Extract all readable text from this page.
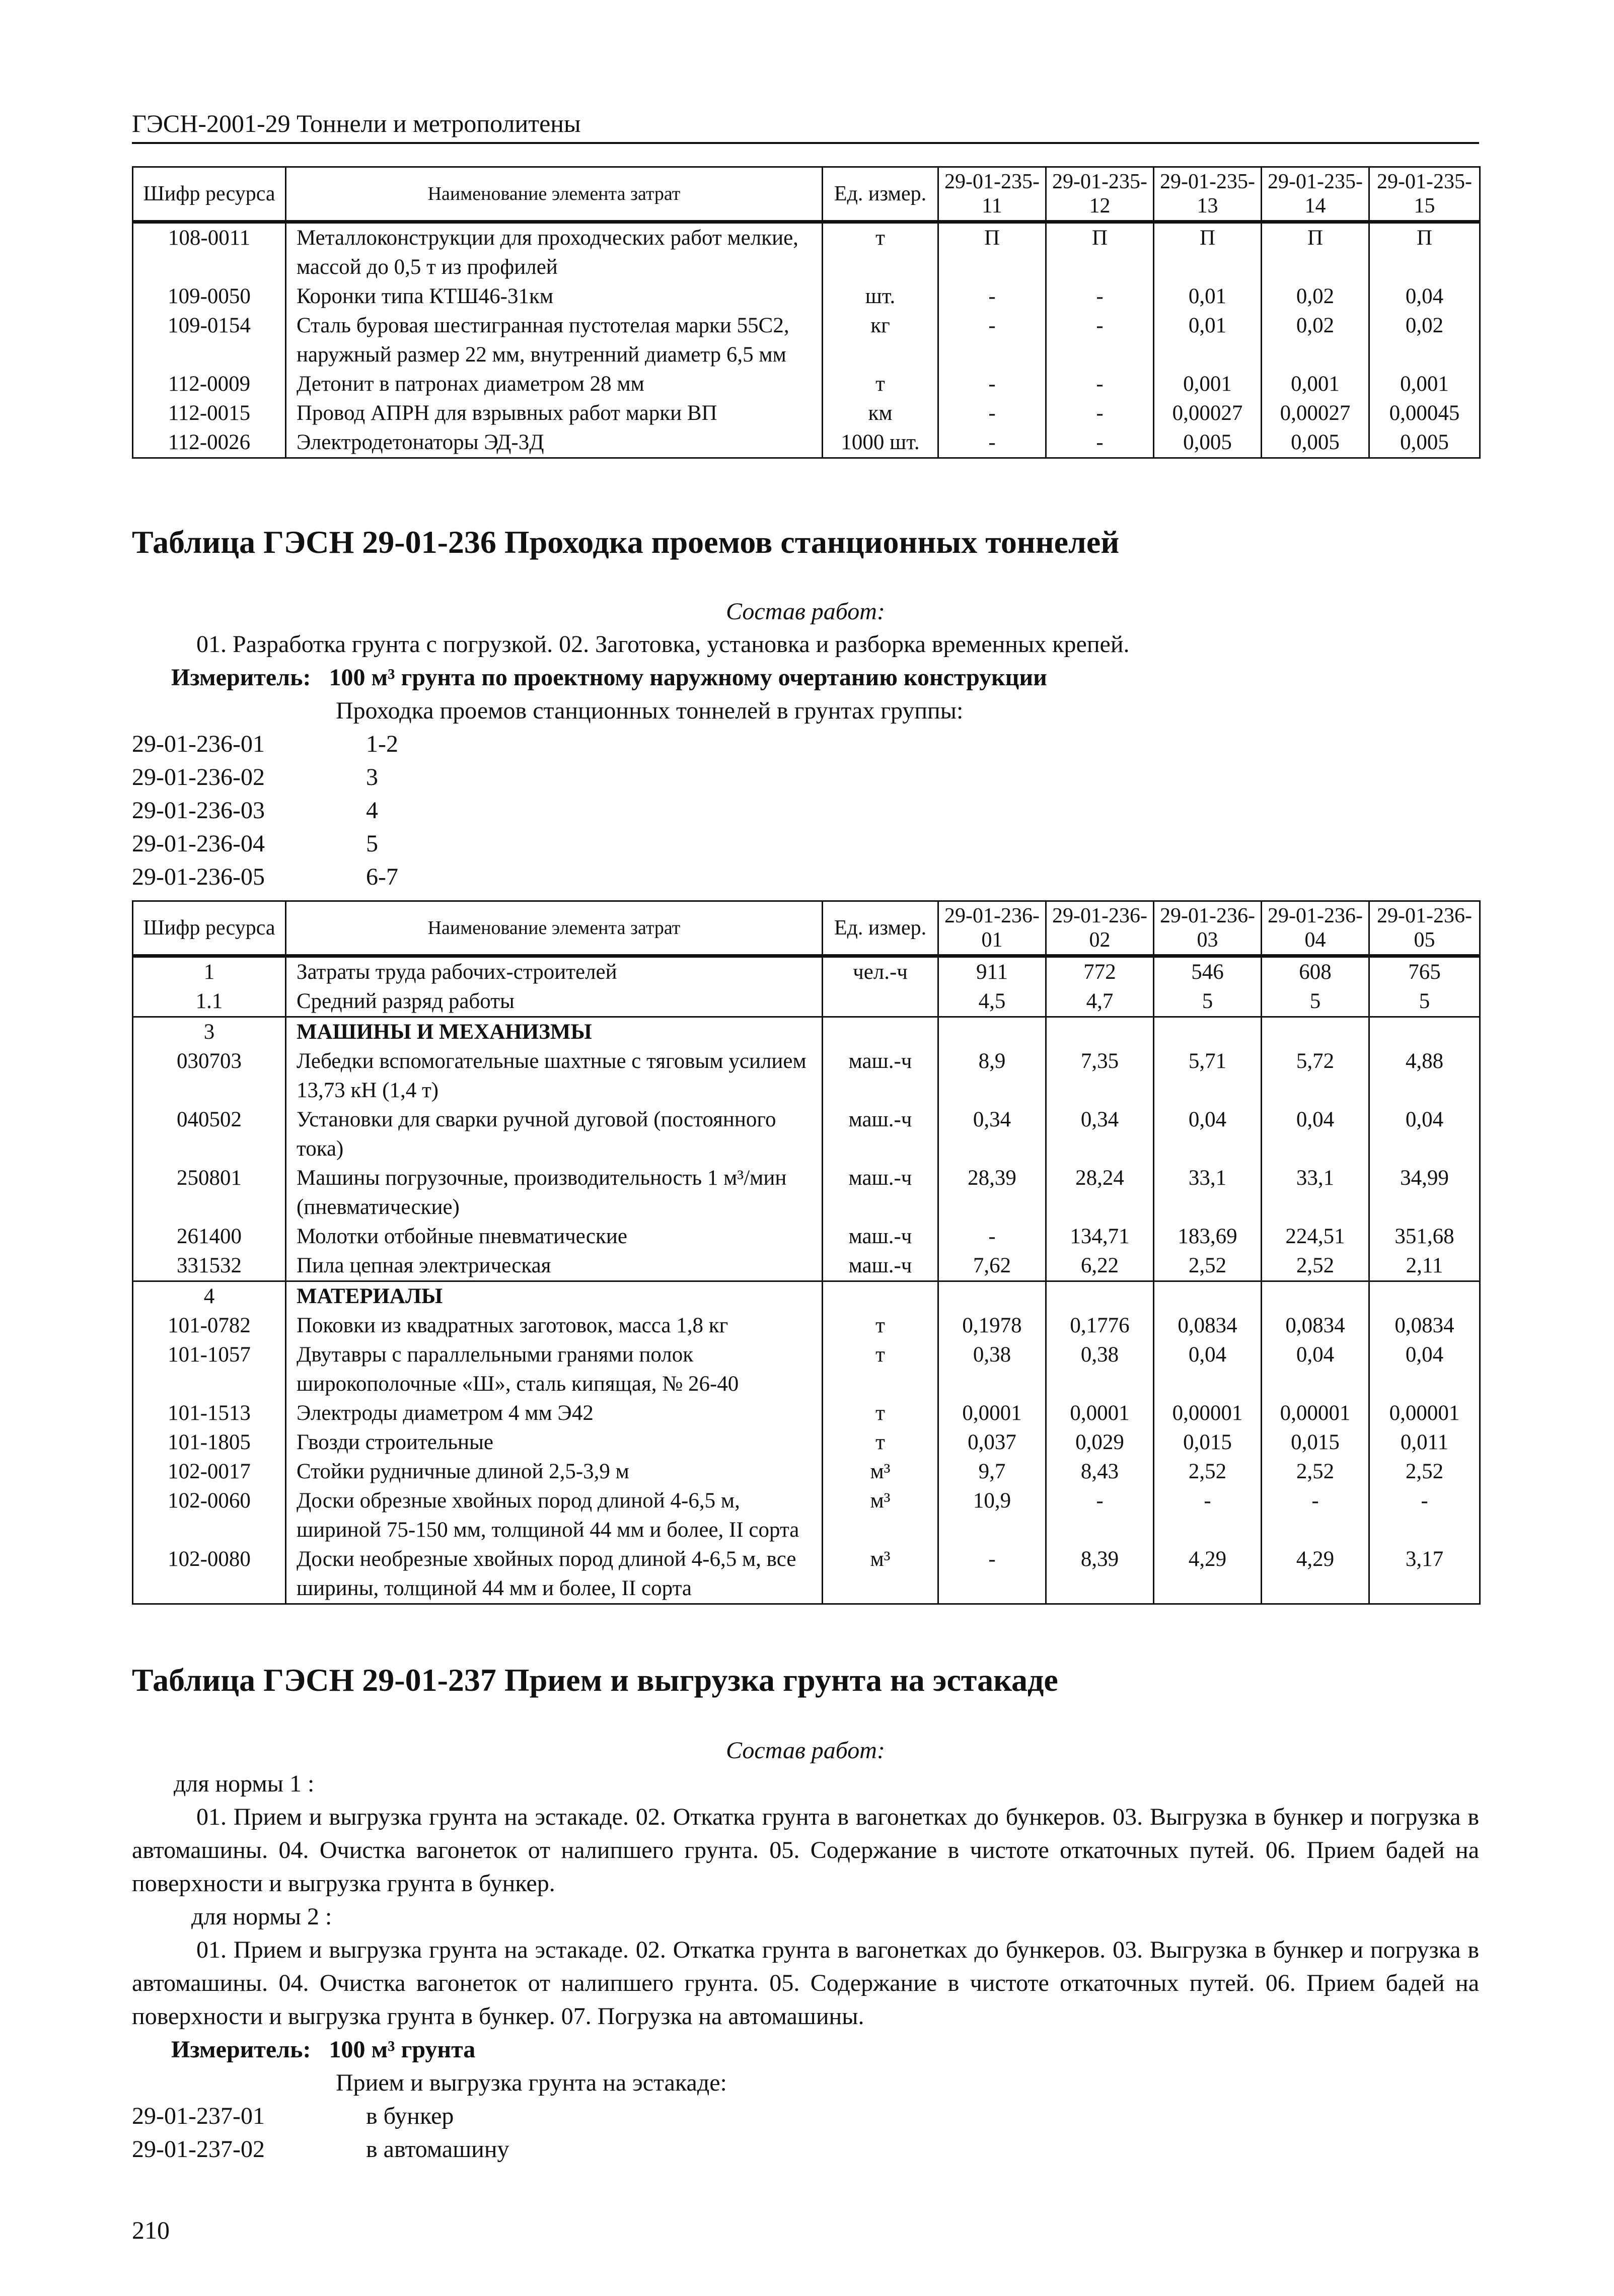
ГЭСН-2001-29 Тоннели и метрополитены
Шифр ресурса	Наименование элемента затрат	Ед. измер.	29-01-235-11	29-01-235-12	29-01-235-13	29-01-235-14	29-01-235-15
108-0011	Металлоконструкции для проходческих работ мелкие, массой до 0,5 т из профилей	т	П	П	П	П	П
109-0050	Коронки типа КТШ46-31км	шт.	-	-	0,01	0,02	0,04
109-0154	Сталь буровая шестигранная пустотелая марки 55С2, наружный размер 22 мм, внутренний диаметр 6,5 мм	кг	-	-	0,01	0,02	0,02
112-0009	Детонит в патронах диаметром 28 мм	т	-	-	0,001	0,001	0,001
112-0015	Провод АПРН для взрывных работ марки ВП	км	-	-	0,00027	0,00027	0,00045
112-0026	Электродетонаторы ЭД-3Д	1000 шт.	-	-	0,005	0,005	0,005
Таблица ГЭСН 29-01-236 Проходка проемов станционных тоннелей
Состав работ:
01. Разработка грунта с погрузкой. 02. Заготовка, установка и разборка временных крепей.
Измеритель: 100 м³ грунта по проектному наружному очертанию конструкции
Проходка проемов станционных тоннелей в грунтах группы:
29-01-236-01	1-2
29-01-236-02	3
29-01-236-03	4
29-01-236-04	5
29-01-236-05	6-7
Шифр ресурса	Наименование элемента затрат	Ед. измер.	29-01-236-01	29-01-236-02	29-01-236-03	29-01-236-04	29-01-236-05
1	Затраты труда рабочих-строителей	чел.-ч	911	772	546	608	765
1.1	Средний разряд работы		4,5	4,7	5	5	5
3	МАШИНЫ И МЕХАНИЗМЫ						
030703	Лебедки вспомогательные шахтные с тяговым усилием 13,73 кН (1,4 т)	маш.-ч	8,9	7,35	5,71	5,72	4,88
040502	Установки для сварки ручной дуговой (постоянного тока)	маш.-ч	0,34	0,34	0,04	0,04	0,04
250801	Машины погрузочные, производительность 1 м³/мин (пневматические)	маш.-ч	28,39	28,24	33,1	33,1	34,99
261400	Молотки отбойные пневматические	маш.-ч	-	134,71	183,69	224,51	351,68
331532	Пила цепная электрическая	маш.-ч	7,62	6,22	2,52	2,52	2,11
4	МАТЕРИАЛЫ						
101-0782	Поковки из квадратных заготовок, масса 1,8 кг	т	0,1978	0,1776	0,0834	0,0834	0,0834
101-1057	Двутавры с параллельными гранями полок широкополочные «Ш», сталь кипящая, № 26-40	т	0,38	0,38	0,04	0,04	0,04
101-1513	Электроды диаметром 4 мм Э42	т	0,0001	0,0001	0,00001	0,00001	0,00001
101-1805	Гвозди строительные	т	0,037	0,029	0,015	0,015	0,011
102-0017	Стойки рудничные длиной 2,5-3,9 м	м³	9,7	8,43	2,52	2,52	2,52
102-0060	Доски обрезные хвойных пород длиной 4-6,5 м, шириной 75-150 мм, толщиной 44 мм и более, II сорта	м³	10,9	-	-	-	-
102-0080	Доски необрезные хвойных пород длиной 4-6,5 м, все ширины, толщиной 44 мм и более, II сорта	м³	-	8,39	4,29	4,29	3,17
Таблица ГЭСН 29-01-237 Прием и выгрузка грунта на эстакаде
Состав работ:
для нормы 1 :
01. Прием и выгрузка грунта на эстакаде. 02. Откатка грунта в вагонетках до бункеров. 03. Выгрузка в бункер и погрузка в автомашины. 04. Очистка вагонеток от налипшего грунта. 05. Содержание в чистоте откаточных путей. 06. Прием бадей на поверхности и выгрузка грунта в бункер.
для нормы 2 :
01. Прием и выгрузка грунта на эстакаде. 02. Откатка грунта в вагонетках до бункеров. 03. Выгрузка в бункер и погрузка в автомашины. 04. Очистка вагонеток от налипшего грунта. 05. Содержание в чистоте откаточных путей. 06. Прием бадей на поверхности и выгрузка грунта в бункер. 07. Погрузка на автомашины.
Измеритель: 100 м³ грунта
Прием и выгрузка грунта на эстакаде:
29-01-237-01	в бункер
29-01-237-02	в автомашину
210
